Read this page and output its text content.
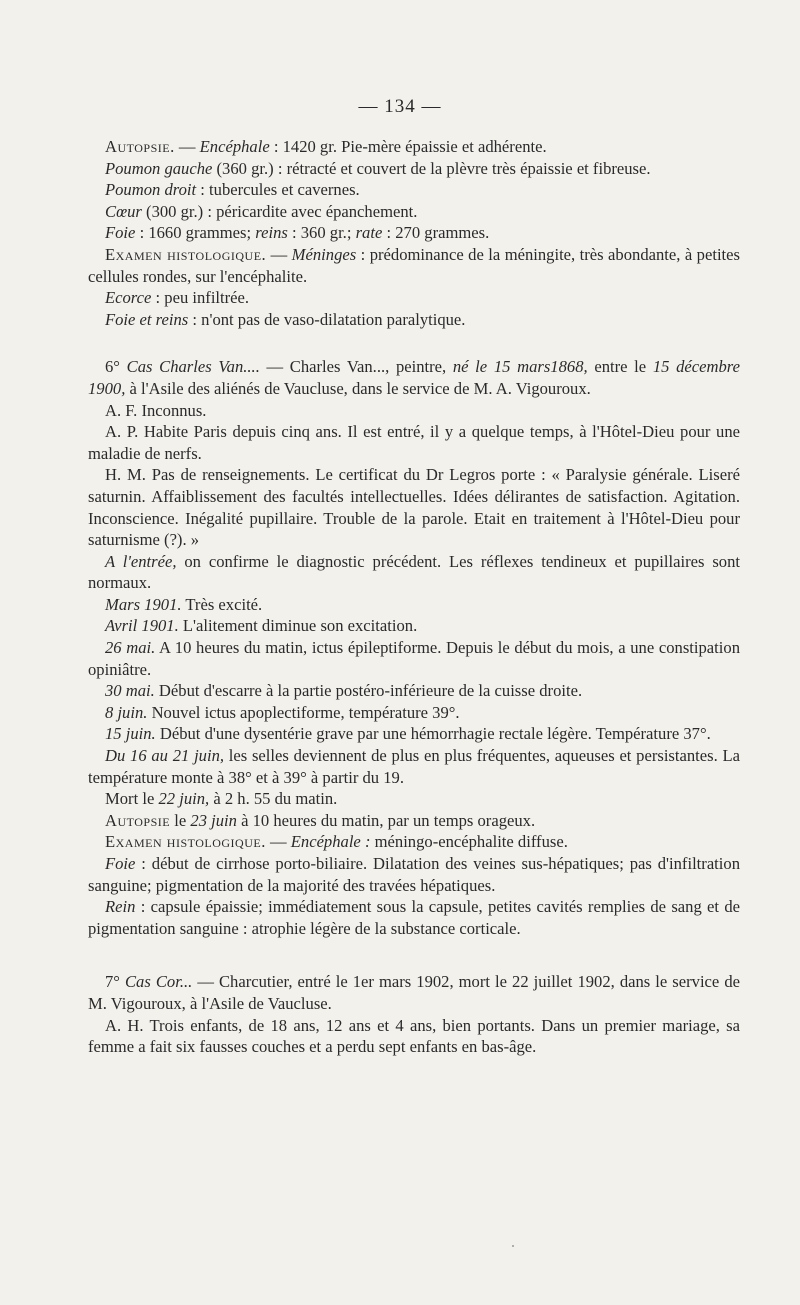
— 134 —

Autopsie. — Encéphale : 1420 gr. Pie-mère épaissie et adhérente.

Poumon gauche (360 gr.) : rétracté et couvert de la plèvre très épaissie et fibreuse.

Poumon droit : tubercules et cavernes.

Cœur (300 gr.) : péricardite avec épanchement.

Foie : 1660 grammes; reins : 360 gr.; rate : 270 grammes.

Examen histologique. — Méninges : prédominance de la méningite, très abondante, à petites cellules rondes, sur l'encéphalite.

Ecorce : peu infiltrée.

Foie et reins : n'ont pas de vaso-dilatation paralytique.

6° Cas Charles Van.... — Charles Van..., peintre, né le 15 mars1868, entre le 15 décembre 1900, à l'Asile des aliénés de Vaucluse, dans le service de M. A. Vigouroux.

A. F. Inconnus.

A. P. Habite Paris depuis cinq ans. Il est entré, il y a quelque temps, à l'Hôtel-Dieu pour une maladie de nerfs.

H. M. Pas de renseignements. Le certificat du Dr Legros porte : « Paralysie générale. Liseré saturnin. Affaiblissement des facultés intellectuelles. Idées délirantes de satisfaction. Agitation. Inconscience. Inégalité pupillaire. Trouble de la parole. Etait en traitement à l'Hôtel-Dieu pour saturnisme (?). »

A l'entrée, on confirme le diagnostic précédent. Les réflexes tendineux et pupillaires sont normaux.

Mars 1901. Très excité.

Avril 1901. L'alitement diminue son excitation.

26 mai. A 10 heures du matin, ictus épileptiforme. Depuis le début du mois, a une constipation opiniâtre.

30 mai. Début d'escarre à la partie postéro-inférieure de la cuisse droite.

8 juin. Nouvel ictus apoplectiforme, température 39°.

15 juin. Début d'une dysentérie grave par une hémorrhagie rectale légère. Température 37°.

Du 16 au 21 juin, les selles deviennent de plus en plus fréquentes, aqueuses et persistantes. La température monte à 38° et à 39° à partir du 19.

Mort le 22 juin, à 2 h. 55 du matin.

Autopsie le 23 juin à 10 heures du matin, par un temps orageux.

Examen histologique. — Encéphale : méningo-encéphalite diffuse.

Foie : début de cirrhose porto-biliaire. Dilatation des veines sus-hépatiques; pas d'infiltration sanguine; pigmentation de la majorité des travées hépatiques.

Rein : capsule épaissie; immédiatement sous la capsule, petites cavités remplies de sang et de pigmentation sanguine : atrophie légère de la substance corticale.

7° Cas Cor... — Charcutier, entré le 1er mars 1902, mort le 22 juillet 1902, dans le service de M. Vigouroux, à l'Asile de Vaucluse.

A. H. Trois enfants, de 18 ans, 12 ans et 4 ans, bien portants. Dans un premier mariage, sa femme a fait six fausses couches et a perdu sept enfants en bas-âge.
